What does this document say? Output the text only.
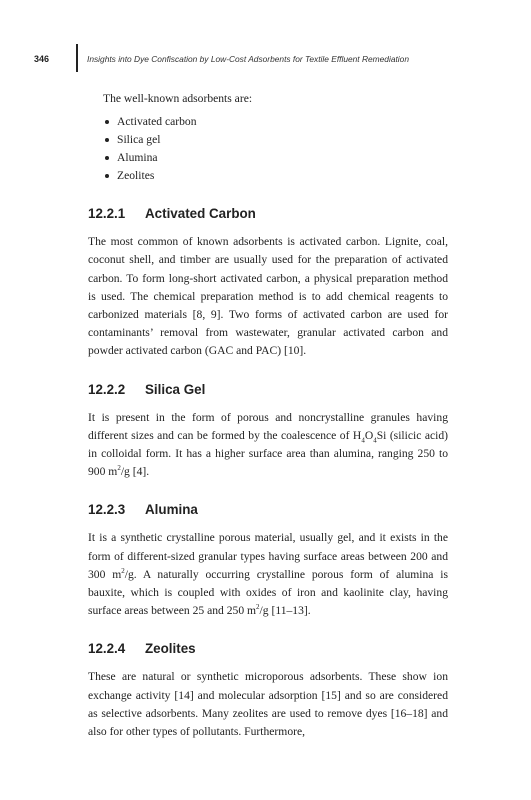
346	Insights into Dye Confiscation by Low-Cost Adsorbents for Textile Effluent Remediation

The well-known adsorbents are:

Activated carbon
Silica gel
Alumina
Zeolites
12.2.1 Activated Carbon

The most common of known adsorbents is activated carbon. Lignite, coal, coconut shell, and timber are usually used for the preparation of activated carbon. To form long-short activated carbon, a physical preparation method is used. The chemical preparation method is to add chemical reagents to carbonized materials [8, 9]. Two forms of activated carbon are used for contaminants’ removal from wastewater, granular activated carbon and powder activated carbon (GAC and PAC) [10].

12.2.2 Silica Gel

It is present in the form of porous and noncrystalline granules having different sizes and can be formed by the coalescence of $H_4O_4Si$ (silicic acid) in colloidal form. It has a higher surface area than alumina, ranging 250 to 900 $m^2/g$ [4].

12.2.3 Alumina

It is a synthetic crystalline porous material, usually gel, and it exists in the form of different-sized granular types having surface areas between 200 and 300 $m^2/g$. A naturally occurring crystalline porous form of alumina is bauxite, which is coupled with oxides of iron and kaolinite clay, having surface areas between 25 and 250 $m^2/g$ [11–13].

12.2.4 Zeolites

These are natural or synthetic microporous adsorbents. These show ion exchange activity [14] and molecular adsorption [15] and so are considered as selective adsorbents. Many zeolites are used to remove dyes [16–18] and also for other types of pollutants. Furthermore,
